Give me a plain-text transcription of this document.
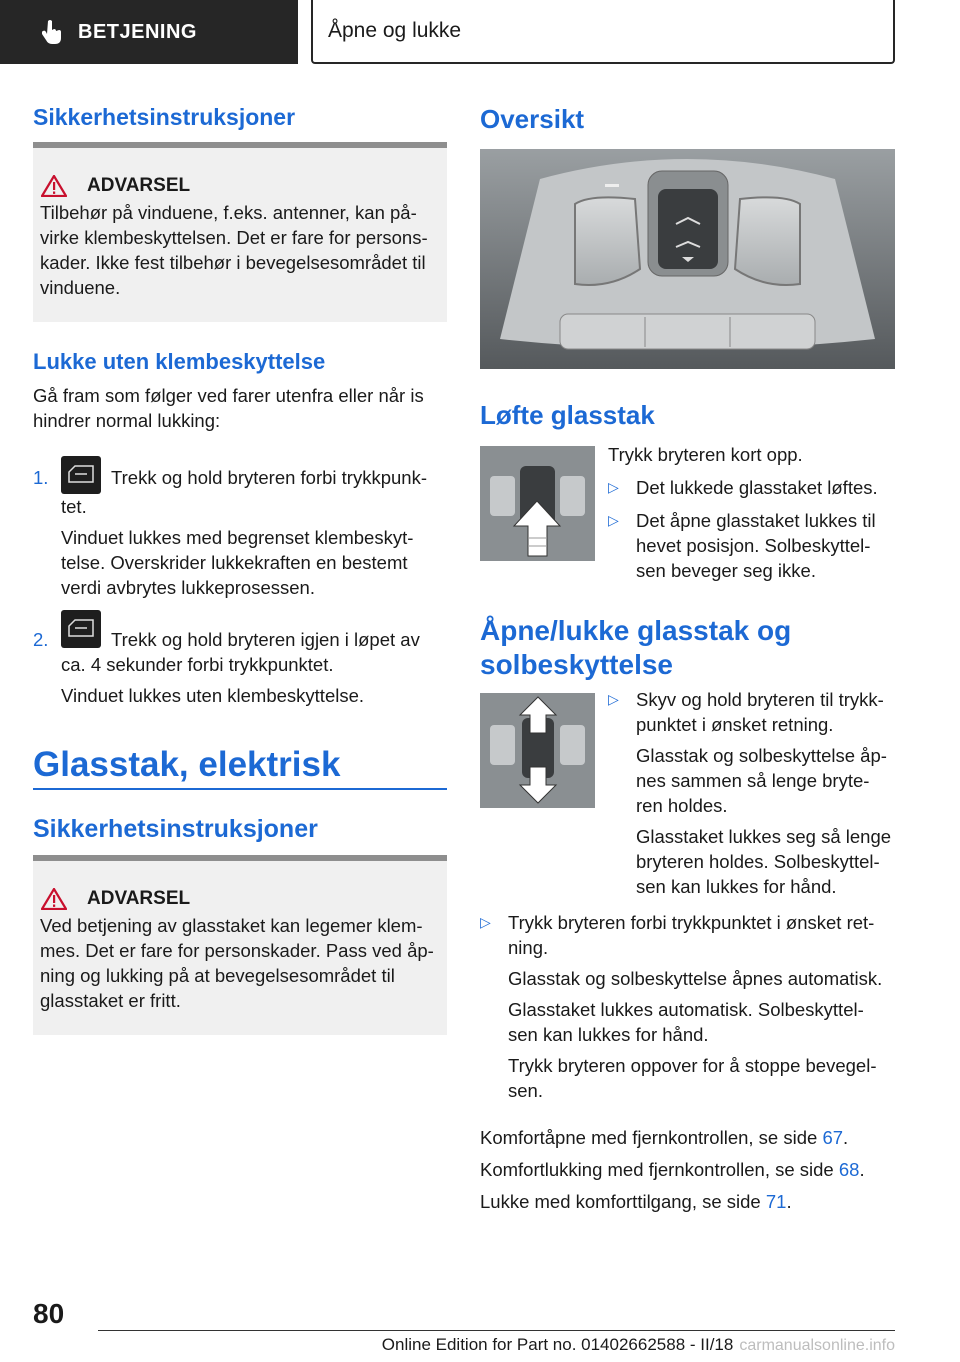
BETJENING	Åpne og lukke
Sikkerhetsinstruksjoner
ADVARSEL
Tilbehør på vinduene, f.eks. antenner, kan på‐
virke klembeskyttelsen. Det er fare for persons‐
kader. Ikke fest tilbehør i bevegelsesområdet til
vinduene.
Lukke uten klembeskyttelse
Gå fram som følger ved farer utenfra eller når is
hindrer normal lukking:
1.	Trekk og hold bryteren forbi trykkpunk‐
tet.
Vinduet lukkes med begrenset klembeskyt‐
telse. Overskrider lukkekraften en bestemt
verdi avbrytes lukkeprosessen.
2.	Trekk og hold bryteren igjen i løpet av
ca. 4 sekunder forbi trykkpunktet.
Vinduet lukkes uten klembeskyttelse.
Glasstak, elektrisk
Sikkerhetsinstruksjoner
ADVARSEL
Ved betjening av glasstaket kan legemer klem‐
mes. Det er fare for personskader. Pass ved åp‐
ning og lukking på at bevegelsesområdet til
glasstaket er fritt.
Oversikt
Løfte glasstak
Trykk bryteren kort opp.
▷ Det lukkede glasstaket løftes.
▷ Det åpne glasstaket lukkes til
hevet posisjon. Solbeskyttel‐
sen beveger seg ikke.
Åpne/lukke glasstak og
solbeskyttelse
▷ Skyv og hold bryteren til trykk‐
punktet i ønsket retning.
Glasstak og solbeskyttelse åp‐
nes sammen så lenge bryte‐
ren holdes.
Glasstaket lukkes seg så lenge
bryteren holdes. Solbeskyttel‐
sen kan lukkes for hånd.
▷ Trykk bryteren forbi trykkpunktet i ønsket ret‐
ning.
Glasstak og solbeskyttelse åpnes automatisk.
Glasstaket lukkes automatisk. Solbeskyttel‐
sen kan lukkes for hånd.
Trykk bryteren oppover for å stoppe bevegel‐
sen.
Komfortåpne med fjernkontrollen, se side 67.
Komfortlukking med fjernkontrollen, se side 68.
Lukke med komforttilgang, se side 71.
80
Online Edition for Part no. 01402662588 - II/18 carmanualsonline.info
